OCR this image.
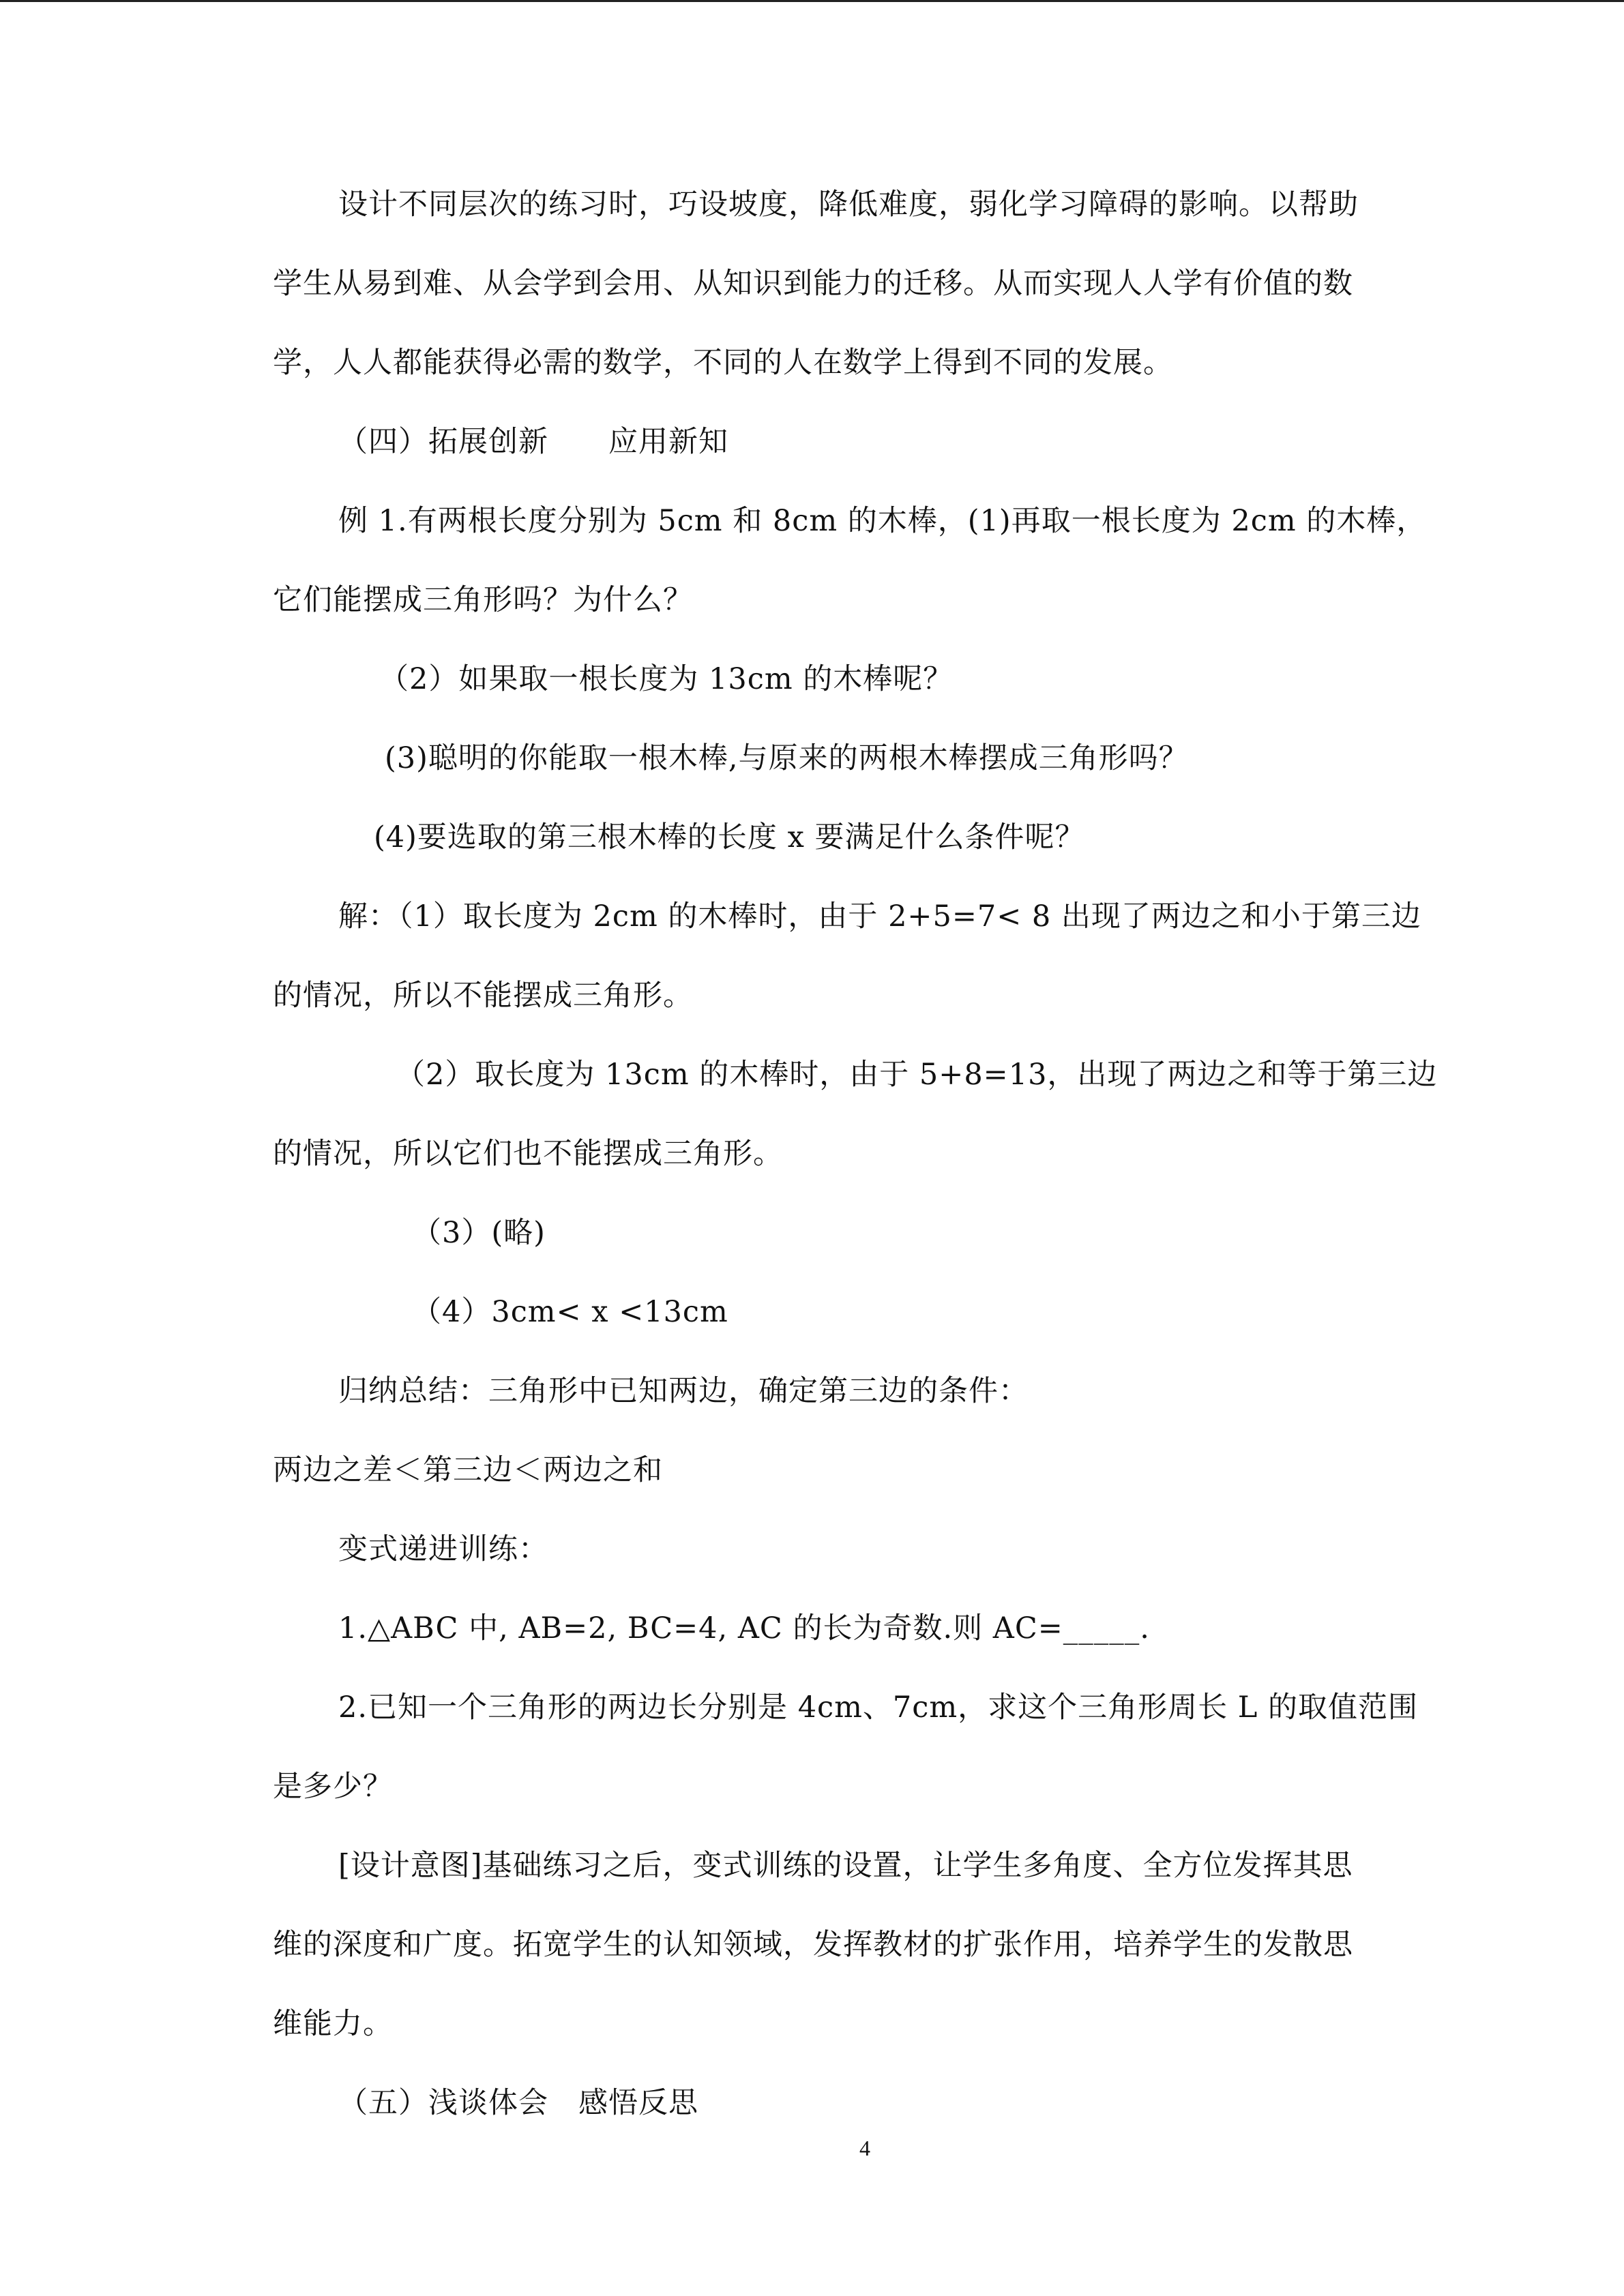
设计不同层次的练习时，巧设坡度，降低难度，弱化学习障碍的影响。以帮助
学生从易到难、从会学到会用、从知识到能力的迁移。从而实现人人学有价值的数
学，人人都能获得必需的数学，不同的人在数学上得到不同的发展。
（四）拓展创新　　应用新知
例 1.有两根长度分别为 5cm 和 8cm 的木棒，(1)再取一根长度为 2cm 的木棒，
它们能摆成三角形吗？为什么？
（2）如果取一根长度为 13cm 的木棒呢？
(3)聪明的你能取一根木棒,与原来的两根木棒摆成三角形吗？
(4)要选取的第三根木棒的长度 x 要满足什么条件呢？
解：（1）取长度为 2cm 的木棒时，由于 2+5=7< 8 出现了两边之和小于第三边
的情况，所以不能摆成三角形。
（2）取长度为 13cm 的木棒时，由于 5+8=13，出现了两边之和等于第三边
的情况，所以它们也不能摆成三角形。
（3）(略)
（4）3cm< x <13cm
归纳总结：三角形中已知两边，确定第三边的条件：
两边之差＜第三边＜两边之和
变式递进训练：
1.△ABC 中, AB=2, BC=4, AC 的长为奇数.则 AC=_____.
2.已知一个三角形的两边长分别是 4cm、7cm，求这个三角形周长 L 的取值范围
是多少？
[设计意图]基础练习之后，变式训练的设置，让学生多角度、全方位发挥其思
维的深度和广度。拓宽学生的认知领域，发挥教材的扩张作用，培养学生的发散思
维能力。
（五）浅谈体会　感悟反思
4
